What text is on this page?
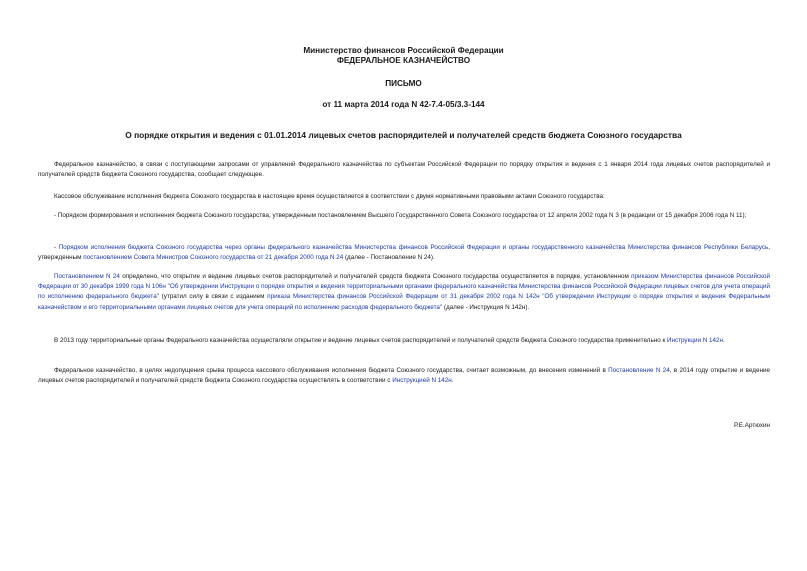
Министерство финансов Российской Федерации
ФЕДЕРАЛЬНОЕ КАЗНАЧЕЙСТВО
ПИСЬМО
от 11 марта 2014 года N 42-7.4-05/3.3-144
О порядке открытия и ведения с 01.01.2014 лицевых счетов распорядителей и получателей средств бюджета Союзного государства

Федеральное казначейство, в связи с поступающими запросами от управлений Федерального казначейства по субъектам Российской Федерации по порядку открытия и ведения с 1 января 2014 года лицевых счетов распорядителей и получателей средств бюджета Союзного государства, сообщает следующее.

Кассовое обслуживание исполнения бюджета Союзного государства в настоящее время осуществляется в соответствии с двумя нормативными правовыми актами Союзного государства:

- Порядком формирования и исполнения бюджета Союзного государства, утвержденным постановлением Высшего Государственного Совета Союзного государства от 12 апреля 2002 года N 3 (в редакции от 15 декабря 2006 года N 11);

- Порядком исполнения бюджета Союзного государства через органы федерального казначейства Министерства финансов Российской Федерации и органы государственного казначейства Министерства финансов Республики Беларусь, утвержденным постановлением Совета Министров Союзного государства от 21 декабря 2000 года N 24 (далее - Постановление N 24).

Постановлением N 24 определено, что открытие и ведение лицевых счетов распорядителей и получателей средств бюджета Союзного государства осуществляется в порядке, установленном приказом Министерства финансов Российской Федерации от 30 декабря 1999 года N 106н "Об утверждении Инструкции о порядке открытия и ведения территориальными органами федерального казначейства Министерства финансов Российской Федерации лицевых счетов для учета операций по исполнению федерального бюджета" (утратил силу в связи с изданием приказа Министерства финансов Российской Федерации от 31 декабря 2002 года N 142н "Об утверждении Инструкции о порядке открытия и ведения Федеральным казначейством и его территориальными органами лицевых счетов для учета операций по исполнению расходов федерального бюджета" (далее - Инструкция N 142н).

В 2013 году территориальные органы Федерального казначейства осуществляли открытие и ведение лицевых счетов распорядителей и получателей средств бюджета Союзного государства применительно к Инструкции N 142н.

Федеральное казначейство, в целях недопущения срыва процесса кассового обслуживания исполнения бюджета Союзного государства, считает возможным, до внесения изменений в Постановление N 24, в 2014 году открытие и ведение лицевых счетов распорядителей и получателей средств бюджета Союзного государства осуществлять в соответствии с Инструкцией N 142н.

Р.Е.Артюхин
